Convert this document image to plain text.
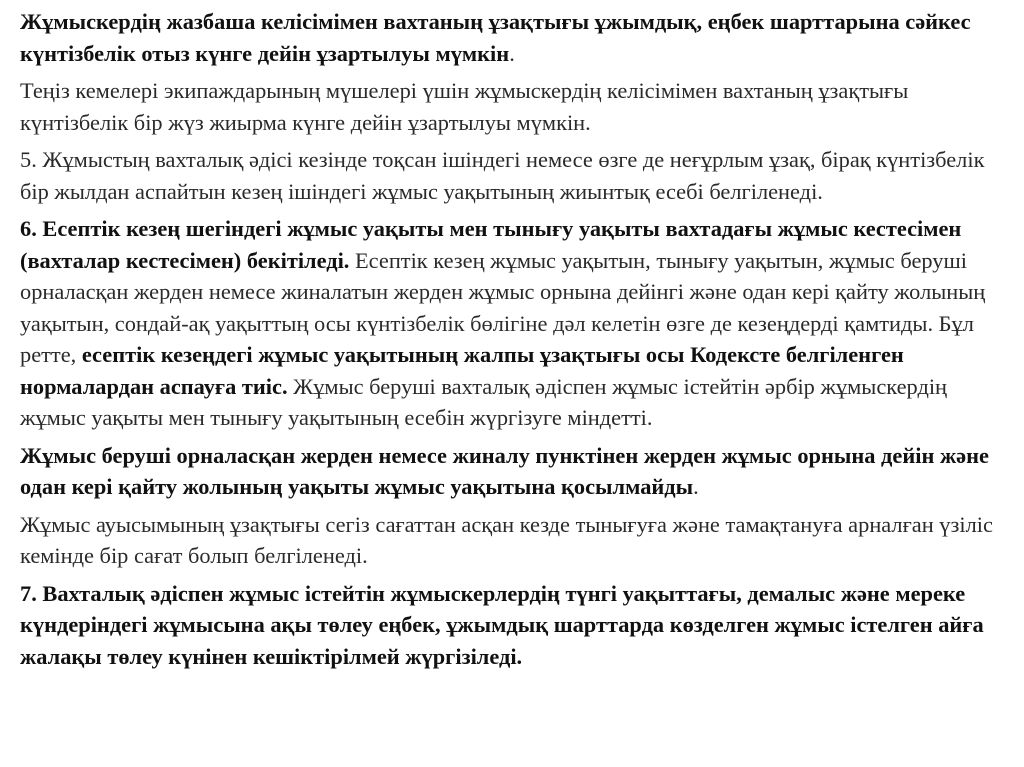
Жұмыскердің жазбаша келісімімен вахтаның ұзақтығы ұжымдық, еңбек шарттарына сәйкес күнтізбелік отыз күнге дейін ұзартылуы мүмкін.

Теңіз кемелері экипаждарының мүшелері үшін жұмыскердің келісімімен вахтаның ұзақтығы күнтізбелік бір жүз жиырма күнге дейін ұзартылуы мүмкін.

5. Жұмыстың вахталық әдісі кезінде тоқсан ішіндегі немесе өзге де неғұрлым ұзақ, бірақ күнтізбелік бір жылдан аспайтын кезең ішіндегі жұмыс уақытының жиынтық есебі белгіленеді.

6. Есептік кезең шегіндегі жұмыс уақыты мен тынығу уақыты вахтадағы жұмыс кестесімен (вахталар кестесімен) бекітіледі. Есептік кезең жұмыс уақытын, тынығу уақытын, жұмыс беруші орналасқан жерден немесе жиналатын жерден жұмыс орнына дейінгі және одан кері қайту жолының уақытын, сондай-ақ уақыттың осы күнтізбелік бөлігіне дәл келетін өзге де кезеңдерді қамтиды. Бұл ретте, есептік кезеңдегі жұмыс уақытының жалпы ұзақтығы осы Кодексте белгіленген нормалардан аспауға тиіс. Жұмыс беруші вахталық әдіспен жұмыс істейтін әрбір жұмыскердің жұмыс уақыты мен тынығу уақытының есебін жүргізуге міндетті.

Жұмыс беруші орналасқан жерден немесе жиналу пунктінен жерден жұмыс орнына дейін және одан кері қайту жолының уақыты жұмыс уақытына қосылмайды.

Жұмыс ауысымының ұзақтығы сегіз сағаттан асқан кезде тынығуға және тамақтануға арналған үзіліс кемінде бір сағат болып белгіленеді.

7. Вахталық әдіспен жұмыс істейтін жұмыскерлердің түнгі уақыттағы, демалыс және мереке күндеріндегі жұмысына ақы төлеу еңбек, ұжымдық шарттарда көзделген жұмыс істелген айға жалақы төлеу күнінен кешіктірілмей жүргізіледі.
